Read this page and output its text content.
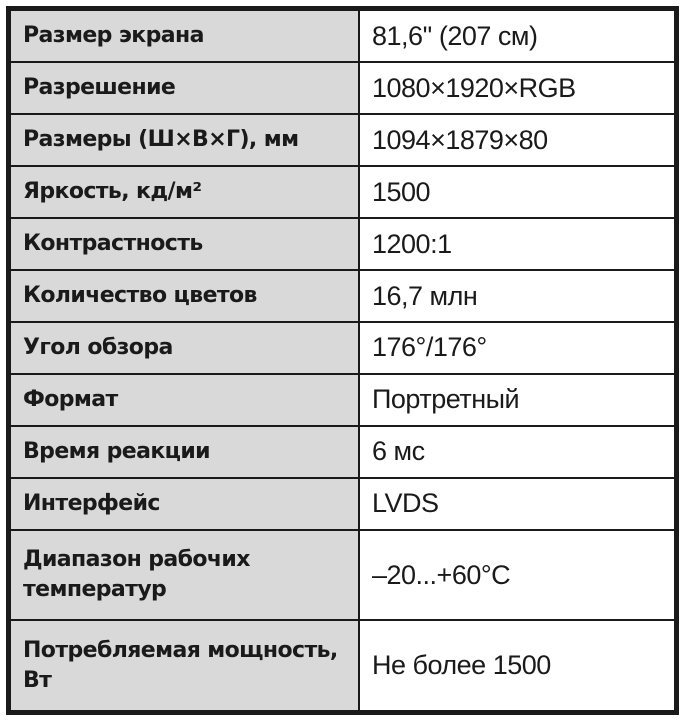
Размер экрана	81,6'' (207 см)
Разрешение	1080×1920×RGB
Размеры (Ш×В×Г), мм	1094×1879×80
Яркость, кд/м²	1500
Контрастность	1200:1
Количество цветов	16,7 млн
Угол обзора	176°/176°
Формат	Портретный
Время реакции	6 мс
Интерфейс	LVDS
Диапазон рабочих температур	–20...+60°С
Потребляемая мощность, Вт	Не более 1500
